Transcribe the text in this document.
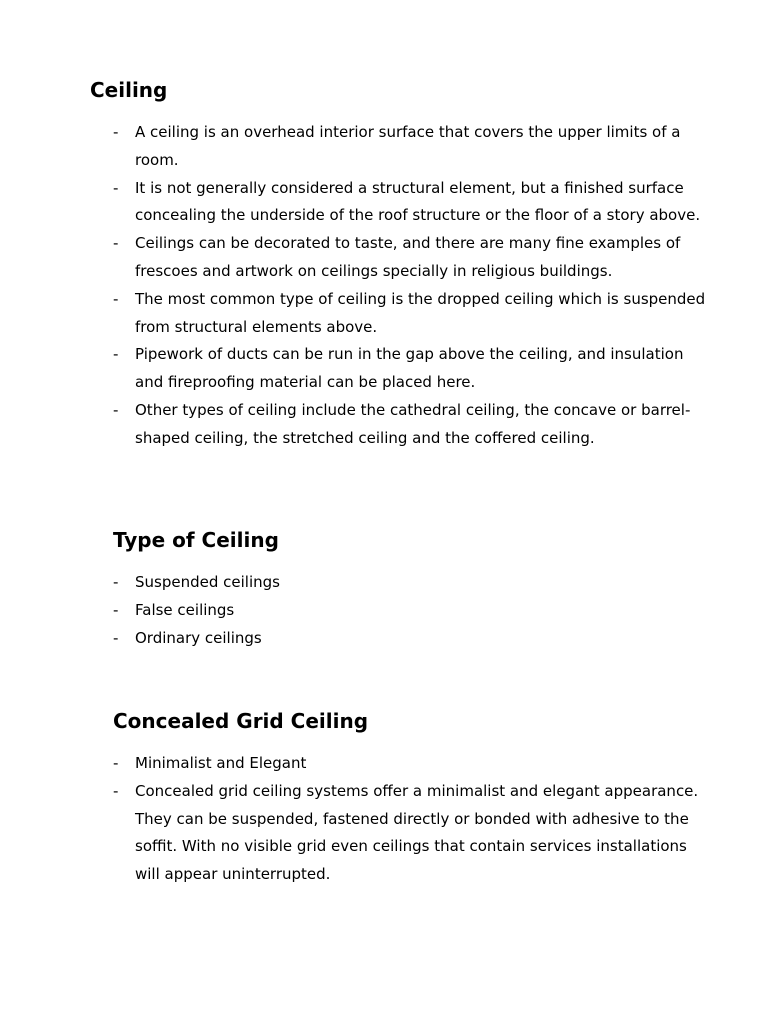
Ceiling
- A ceiling is an overhead interior surface that covers the upper limits of a room.
- It is not generally considered a structural element, but a finished surface concealing the underside of the roof structure or the floor of a story above.
- Ceilings can be decorated to taste, and there are many fine examples of frescoes and artwork on ceilings specially in religious buildings.
- The most common type of ceiling is the dropped ceiling which is suspended from structural elements above.
- Pipework of ducts can be run in the gap above the ceiling, and insulation and fireproofing material can be placed here.
- Other types of ceiling include the cathedral ceiling, the concave or barrel-shaped ceiling, the stretched ceiling and the coffered ceiling.
Type of Ceiling
- Suspended ceilings
- False ceilings
- Ordinary ceilings
Concealed Grid Ceiling
- Minimalist and Elegant
- Concealed grid ceiling systems offer a minimalist and elegant appearance. They can be suspended, fastened directly or bonded with adhesive to the soffit. With no visible grid even ceilings that contain services installations will appear uninterrupted.
